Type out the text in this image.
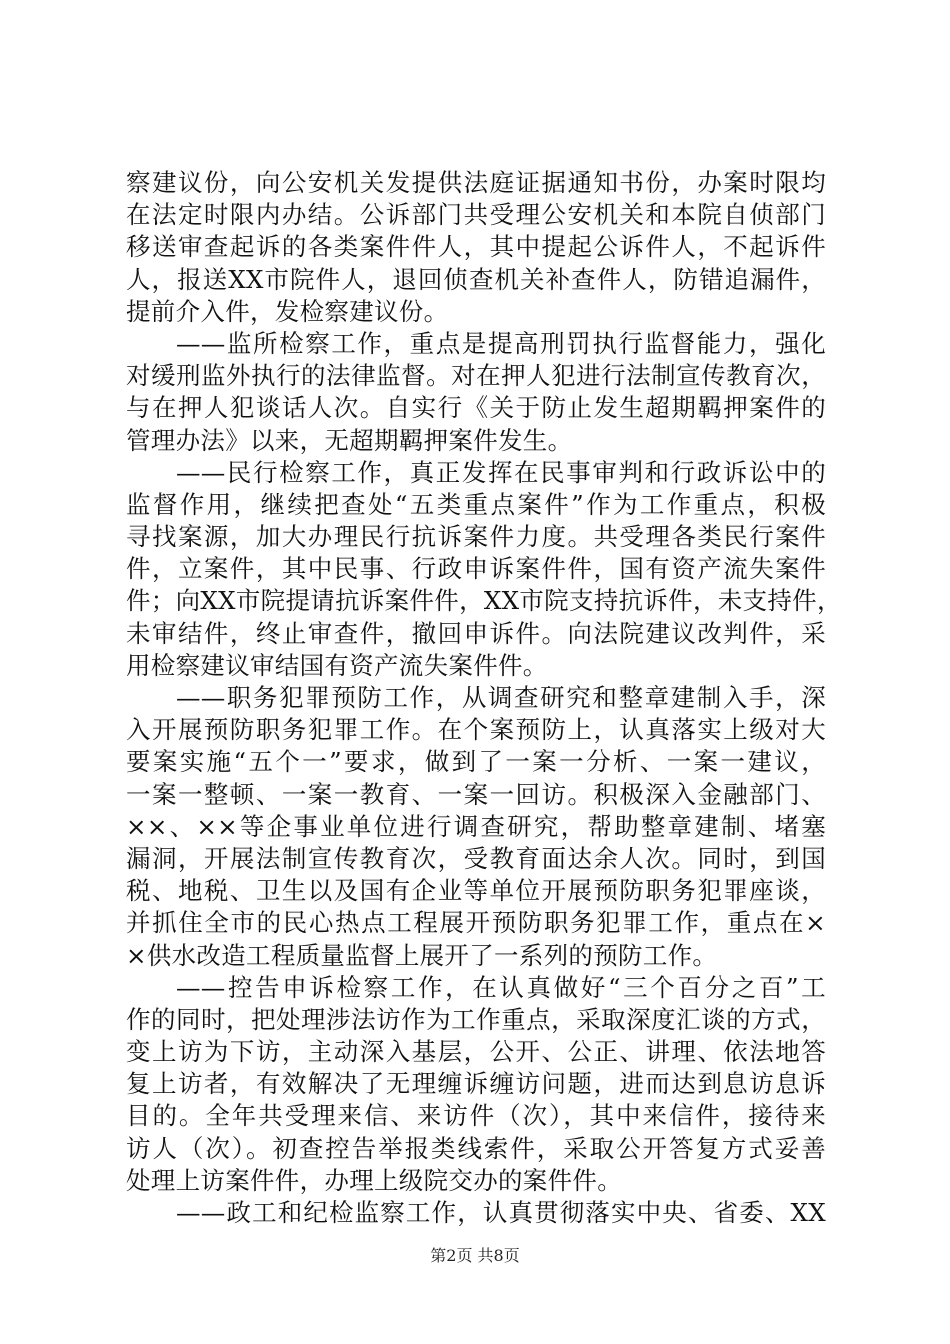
察建议份，向公安机关发提供法庭证据通知书份，办案时限均
在法定时限内办结。公诉部门共受理公安机关和本院自侦部门
移送审查起诉的各类案件件人，其中提起公诉件人，不起诉件
人，报送XX市院件人，退回侦查机关补查件人，防错追漏件，
提前介入件，发检察建议份。
——监所检察工作，重点是提高刑罚执行监督能力，强化
对缓刑监外执行的法律监督。对在押人犯进行法制宣传教育次，
与在押人犯谈话人次。自实行《关于防止发生超期羁押案件的
管理办法》以来，无超期羁押案件发生。
——民行检察工作，真正发挥在民事审判和行政诉讼中的
监督作用，继续把查处“五类重点案件”作为工作重点，积极
寻找案源，加大办理民行抗诉案件力度。共受理各类民行案件
件，立案件，其中民事、行政申诉案件件，国有资产流失案件
件；向XX市院提请抗诉案件件，XX市院支持抗诉件，未支持件，
未审结件，终止审查件，撤回申诉件。向法院建议改判件，采
用检察建议审结国有资产流失案件件。
——职务犯罪预防工作，从调查研究和整章建制入手，深
入开展预防职务犯罪工作。在个案预防上，认真落实上级对大
要案实施“五个一”要求，做到了一案一分析、一案一建议，
一案一整顿、一案一教育、一案一回访。积极深入金融部门、
××、××等企事业单位进行调查研究，帮助整章建制、堵塞
漏洞，开展法制宣传教育次，受教育面达余人次。同时，到国
税、地税、卫生以及国有企业等单位开展预防职务犯罪座谈，
并抓住全市的民心热点工程展开预防职务犯罪工作，重点在×
×供水改造工程质量监督上展开了一系列的预防工作。
——控告申诉检察工作，在认真做好“三个百分之百”工
作的同时，把处理涉法访作为工作重点，采取深度汇谈的方式，
变上访为下访，主动深入基层，公开、公正、讲理、依法地答
复上访者，有效解决了无理缠诉缠访问题，进而达到息访息诉
目的。全年共受理来信、来访件（次），其中来信件，接待来
访人（次）。初查控告举报类线索件，采取公开答复方式妥善
处理上访案件件，办理上级院交办的案件件。
——政工和纪检监察工作，认真贯彻落实中央、省委、XX
第2页 共8页
